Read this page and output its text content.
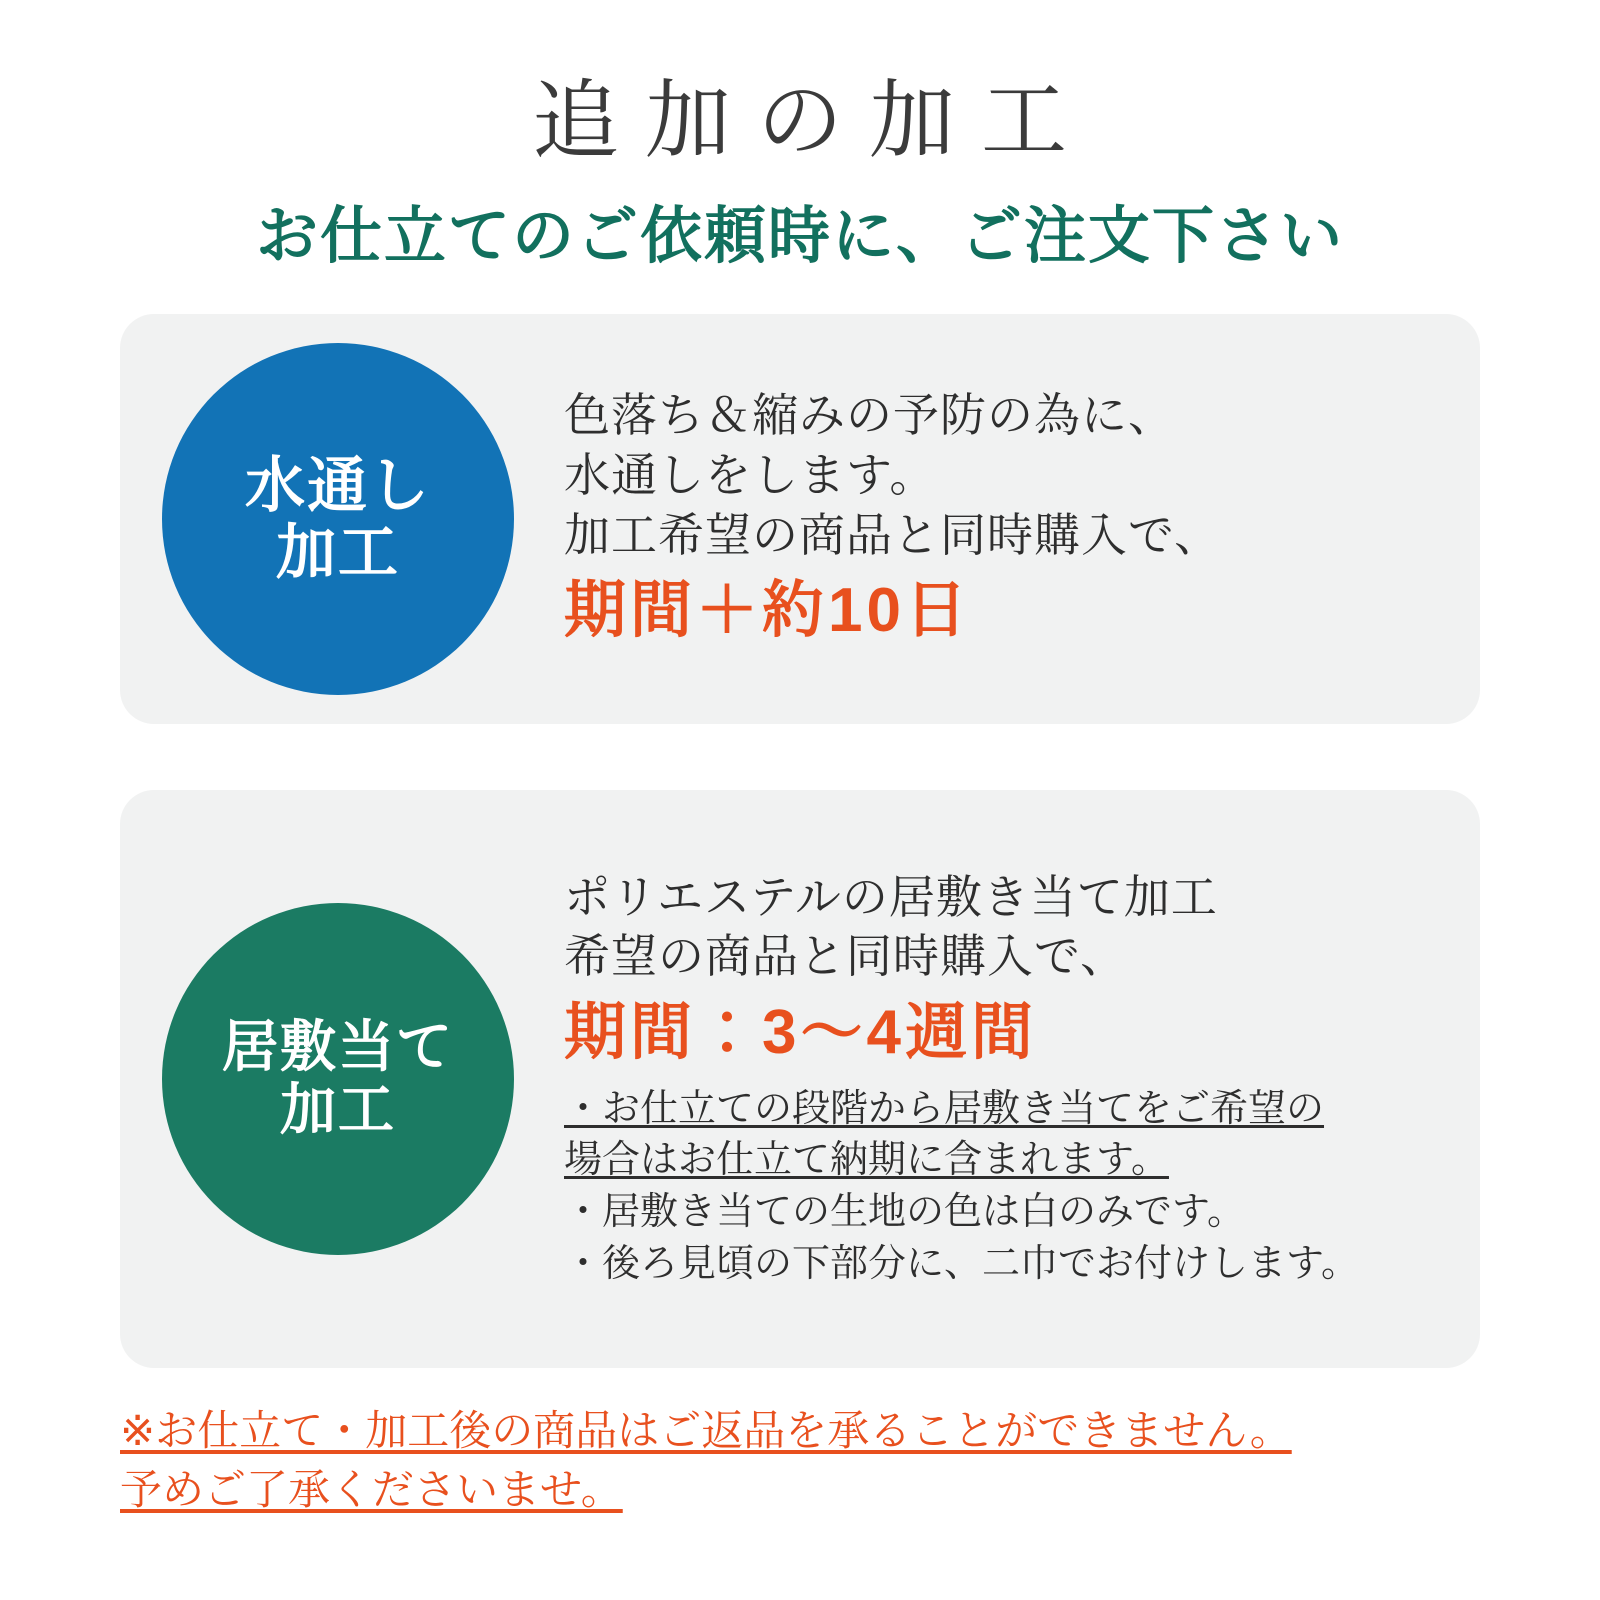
追加の加工
お仕立てのご依頼時に、ご注文下さい
水通し
加工
色落ち＆縮みの予防の為に、
水通しをします。
加工希望の商品と同時購入で、
期間＋約10日
居敷当て
加工
ポリエステルの居敷き当て加工
希望の商品と同時購入で、
期間：3〜4週間
・お仕立ての段階から居敷き当てをご希望の
場合はお仕立て納期に含まれます。
・居敷き当ての生地の色は白のみです。
・後ろ見頃の下部分に、二巾でお付けします。
※お仕立て・加工後の商品はご返品を承ることができません。
予めご了承くださいませ。
